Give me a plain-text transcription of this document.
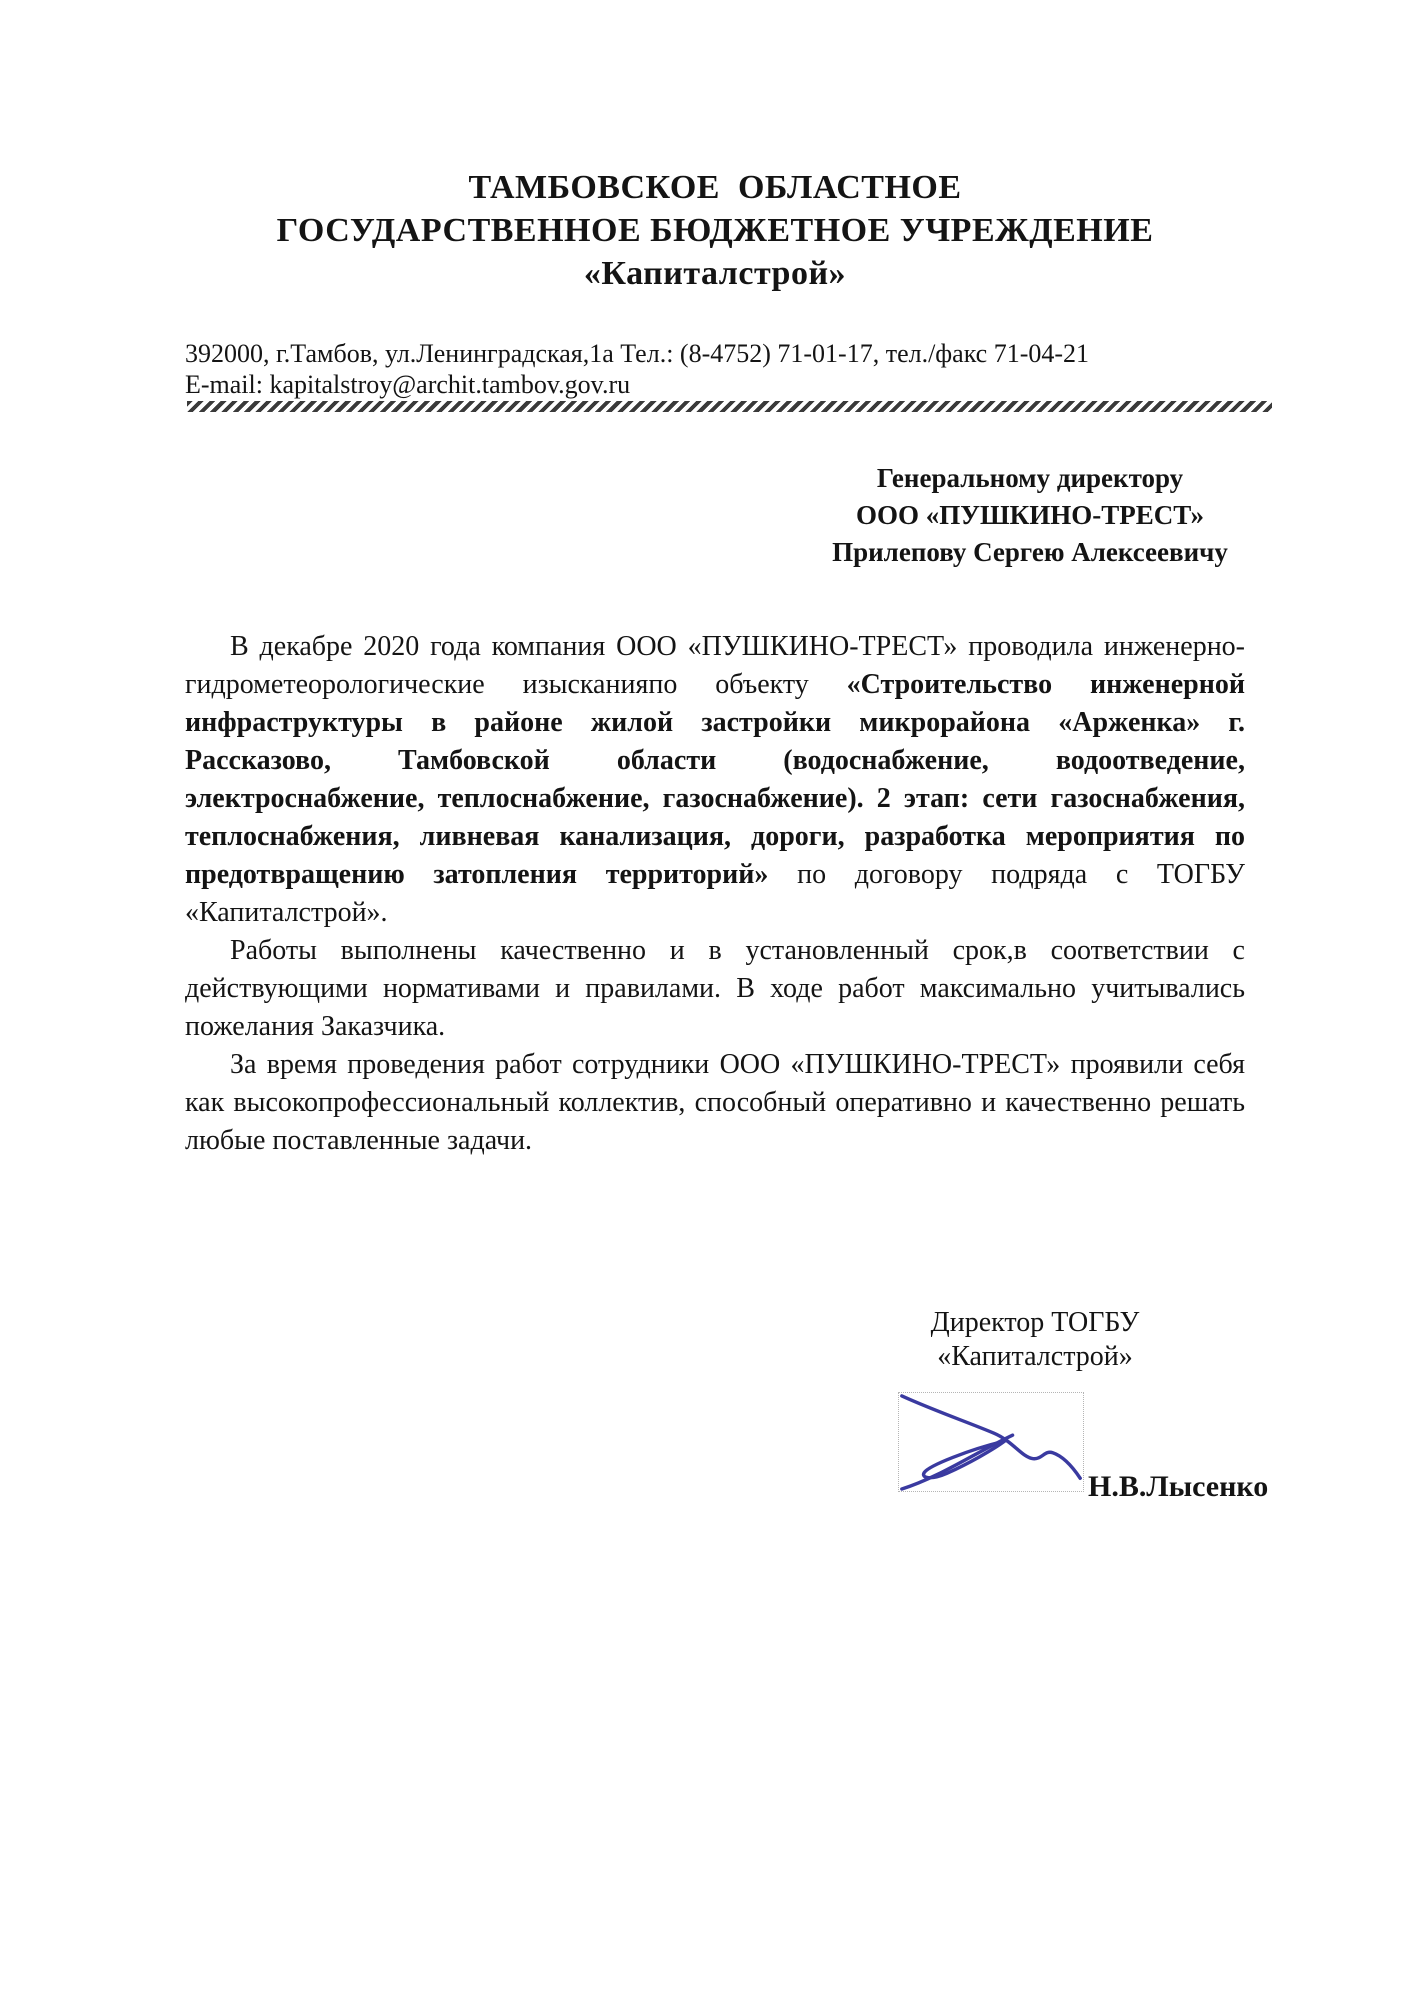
ТАМБОВСКОЕ  ОБЛАСТНОЕ
ГОСУДАРСТВЕННОЕ БЮДЖЕТНОЕ УЧРЕЖДЕНИЕ
«Капиталстрой»
392000, г.Тамбов, ул.Ленинградская,1а Тел.: (8-4752) 71-01-17, тел./факс 71-04-21
E-mail: kapitalstroy@archit.tambov.gov.ru
Генеральному директору
ООО «ПУШКИНО-ТРЕСТ»
Прилепову Сергею Алексеевичу

В декабре 2020 года компания ООО «ПУШКИНО-ТРЕСТ» проводила инженерно-гидрометеорологические изысканияпо объекту «Строительство инженерной инфраструктуры в районе жилой застройки микрорайона «Арженка» г. Рассказово, Тамбовской области (водоснабжение, водоотведение, электроснабжение, теплоснабжение, газоснабжение). 2 этап: сети газоснабжения, теплоснабжения, ливневая канализация, дороги, разработка мероприятия по предотвращению затопления территорий» по договору подряда с ТОГБУ «Капиталстрой».

Работы выполнены качественно и в установленный срок,в соответствии с действующими нормативами и правилами. В ходе работ максимально учитывались пожелания Заказчика.

За время проведения работ сотрудники ООО «ПУШКИНО-ТРЕСТ» проявили себя как высокопрофессиональный коллектив, способный оперативно и качественно решать любые поставленные задачи.

Директор ТОГБУ
«Капиталстрой»
Н.В.Лысенко
